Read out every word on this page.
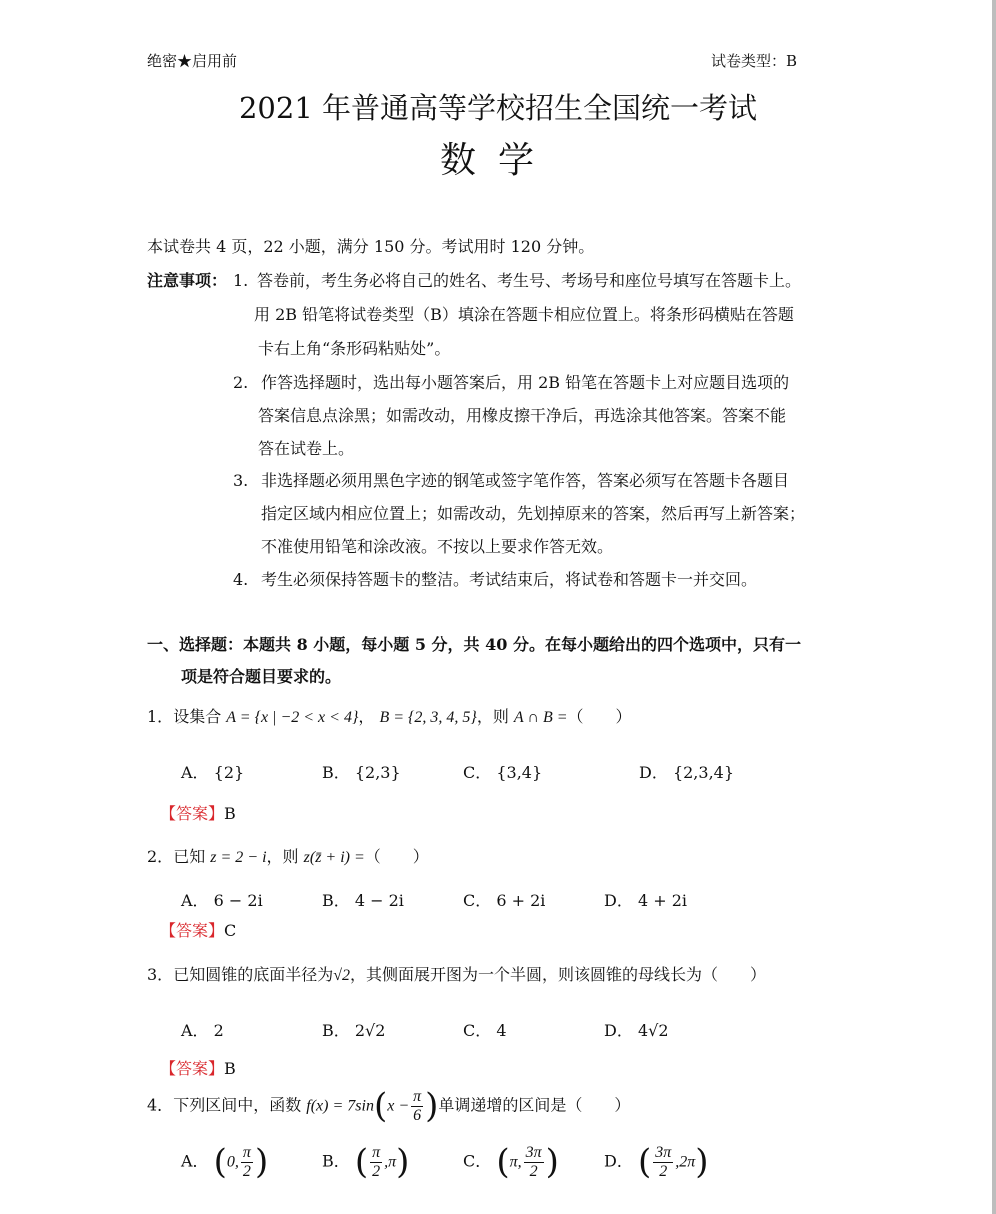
绝密★启用前	试卷类型：B
2021 年普通高等学校招生全国统一考试
数学
本试卷共 4 页，22 小题，满分 150 分。考试用时 120 分钟。
注意事项： 1. 答卷前，考生务必将自己的姓名、考生号、考场号和座位号填写在答题卡上。
用 2B 铅笔将试卷类型（B）填涂在答题卡相应位置上。将条形码横贴在答题
卡右上角“条形码粘贴处”。
2. 作答选择题时，选出每小题答案后，用 2B 铅笔在答题卡上对应题目选项的
答案信息点涂黑；如需改动，用橡皮擦干净后，再选涂其他答案。答案不能
答在试卷上。
3. 非选择题必须用黑色字迹的钢笔或签字笔作答，答案必须写在答题卡各题目
指定区域内相应位置上；如需改动，先划掉原来的答案，然后再写上新答案；
不准使用铅笔和涂改液。不按以上要求作答无效。
4. 考生必须保持答题卡的整洁。考试结束后，将试卷和答题卡一并交回。
一、选择题：本题共 8 小题，每小题 5 分，共 40 分。在每小题给出的四个选项中，只有一
项是符合题目要求的。
1．设集合 A = {x | −2 < x < 4}， B = {2, 3, 4, 5}，则 A ∩ B =（　　）
A． {2}	B． {2,3}	C． {3,4}	D． {2,3,4}
【答案】B
2．已知 z = 2 − i，则 z(z̄ + i) =（　　）
A． 6 − 2i	B． 4 − 2i	C． 6 + 2i	D． 4 + 2i
【答案】C
3．已知圆锥的底面半径为√2，其侧面展开图为一个半圆，则该圆锥的母线长为（　　）
A． 2	B． 2√2	C． 4	D． 4√2
【答案】B
4．下列区间中，函数 $f(x) = 7\sin(x - \frac{\pi}{6}$ )单调递增的区间是（　　）
A． (0, $\frac{\pi}{2}$ )	B． ( $\frac{\pi}{2} ,\pi$)	C． (π, $\frac{3\pi}{2}$ )	D． ( $\frac{3\pi}{2} ,2\pi$)
